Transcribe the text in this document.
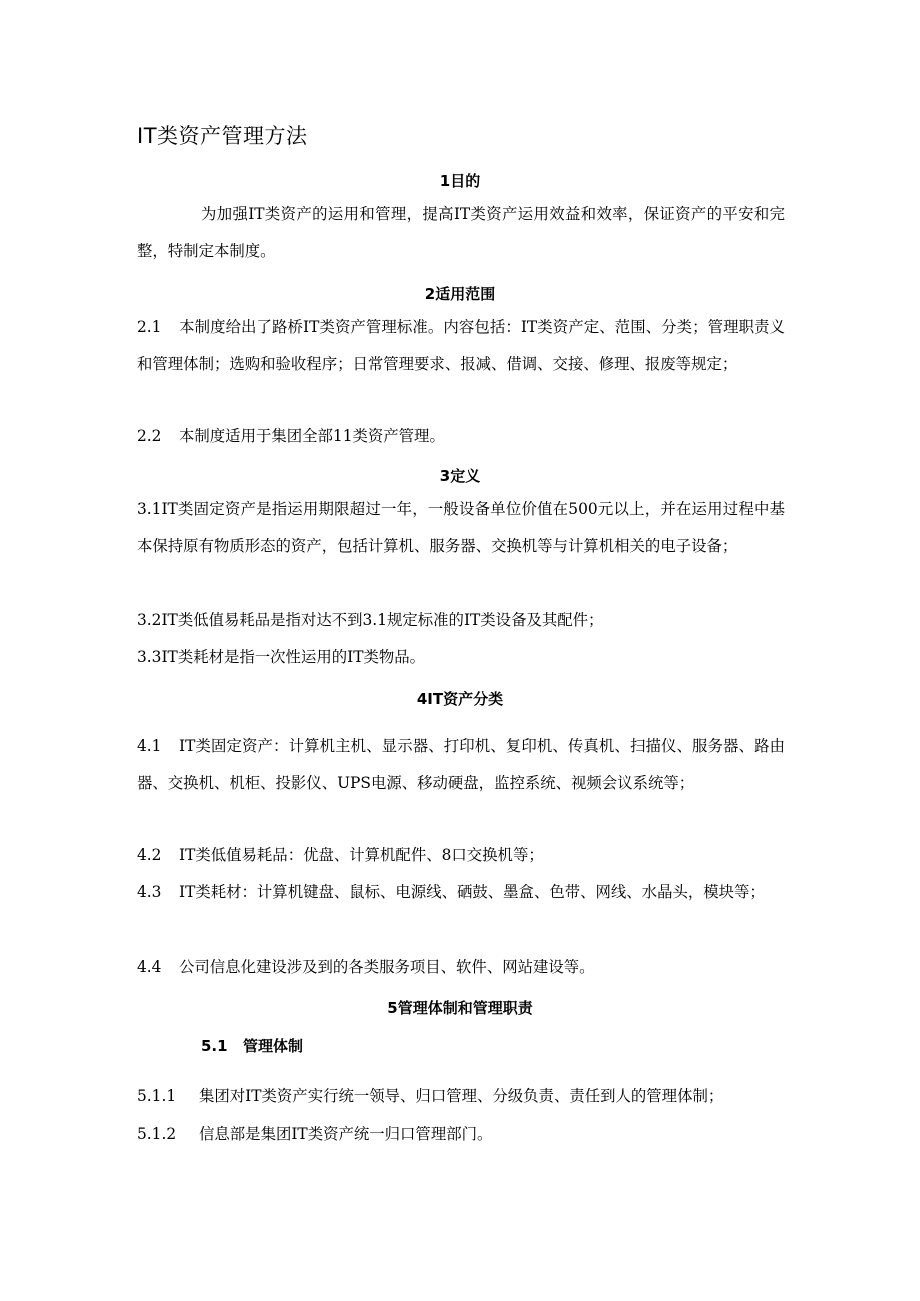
IT类资产管理方法
1目的
为加强IT类资产的运用和管理，提高IT类资产运用效益和效率，保证资产的平安和完整，特制定本制度。
2适用范围
2.1 本制度给出了路桥IT类资产管理标准。内容包括：IT类资产定、范围、分类；管理职责义和管理体制；选购和验收程序；日常管理要求、报减、借调、交接、修理、报废等规定；
2.2 本制度适用于集团全部11类资产管理。
3定义
3.1IT类固定资产是指运用期限超过一年，一般设备单位价值在500元以上，并在运用过程中基本保持原有物质形态的资产，包括计算机、服务器、交换机等与计算机相关的电子设备；
3.2IT类低值易耗品是指对达不到3.1规定标准的IT类设备及其配件；
3.3IT类耗材是指一次性运用的IT类物品。
4IT资产分类
4.1 IT类固定资产：计算机主机、显示器、打印机、复印机、传真机、扫描仪、服务器、路由器、交换机、机柜、投影仪、UPS电源、移动硬盘，监控系统、视频会议系统等；
4.2 IT类低值易耗品：优盘、计算机配件、8口交换机等；
4.3 IT类耗材：计算机键盘、鼠标、电源线、硒鼓、墨盒、色带、网线、水晶头，模块等；
4.4 公司信息化建设涉及到的各类服务项目、软件、网站建设等。
5管理体制和管理职责
5.1 管理体制
5.1.1 集团对IT类资产实行统一领导、归口管理、分级负责、责任到人的管理体制；
5.1.2 信息部是集团IT类资产统一归口管理部门。
